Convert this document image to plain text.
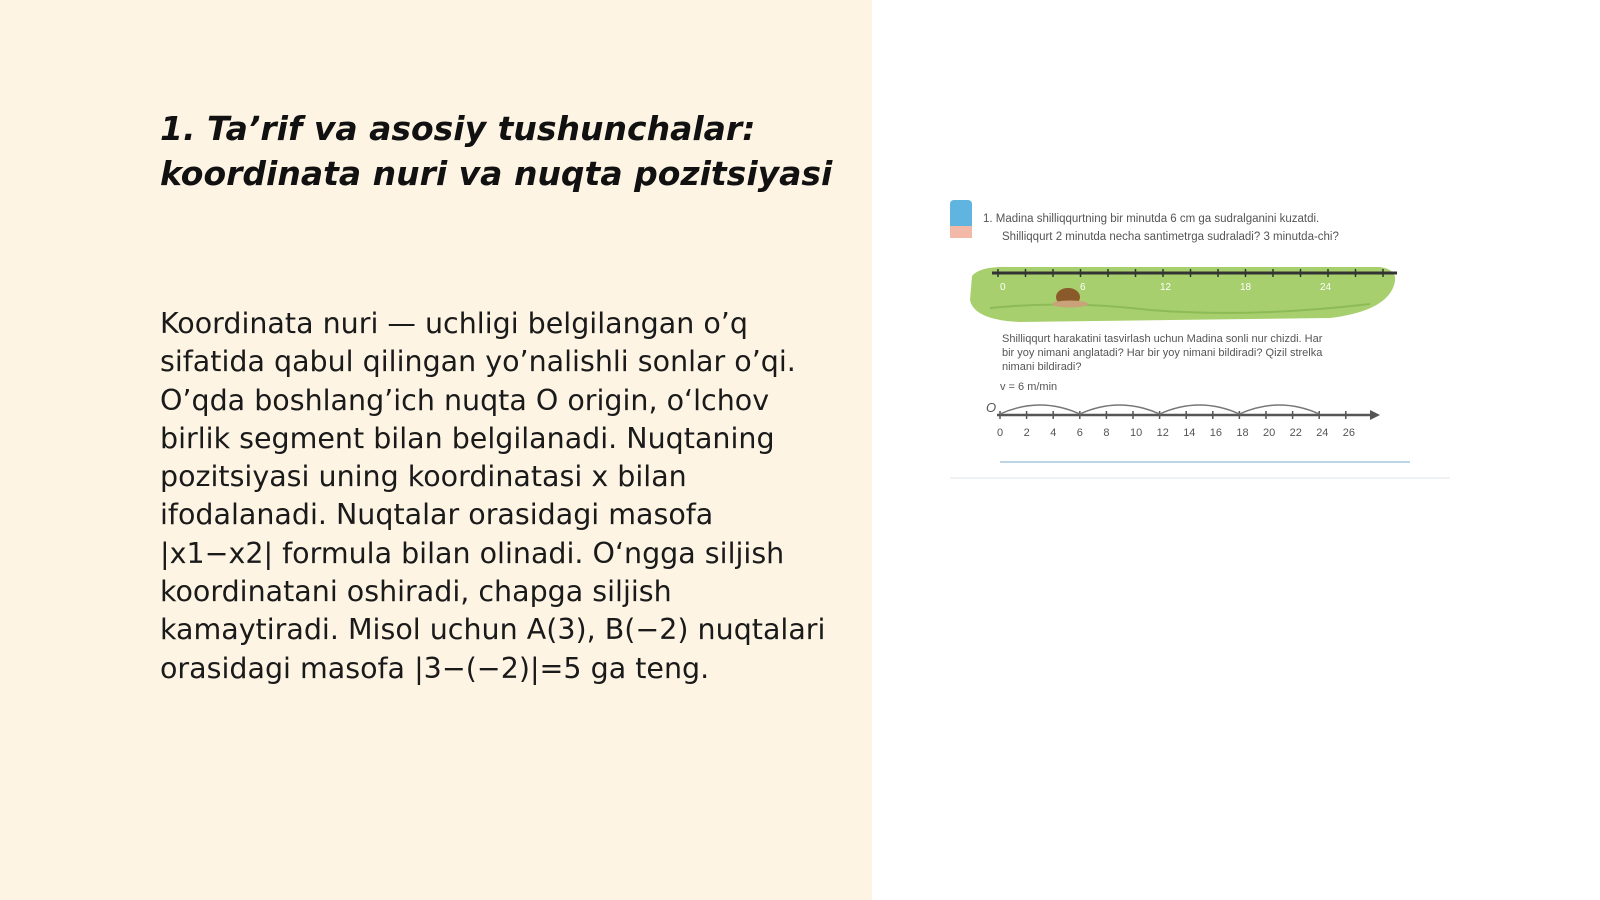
1. Ta’rif va asosiy tushunchalar: koordinata nuri va nuqta pozitsiyasi

Koordinata nuri — uchligi belgilangan o’q sifatida qabul qilingan yo’nalishli sonlar o’qi. O’qda boshlang’ich nuqta O origin, o‘lchov birlik segment bilan belgilanadi. Nuqtaning pozitsiyasi uning koordinatasi x bilan ifodalanadi. Nuqtalar orasidagi masofa |x1−x2| formula bilan olinadi. O‘ngga siljish koordinatani oshiradi, chapga siljish kamaytiradi. Misol uchun A(3), B(−2) nuqtalari orasidagi masofa |3−(−2)|=5 ga teng.

1. Madina shilliqqurtning bir minutda 6 cm ga sudralganini kuzatdi.
Shilliqqurt 2 minutda necha santimetrga sudraladi? 3 minutda-chi?
0	6	12	18	24
Shilliqqurt harakatini tasvirlash uchun Madina sonli nur chizdi. Har
bir yoy nimani anglatadi? Har bir yoy nimani bildiradi? Qizil strelka
nimani bildiradi?
v = 6 m/min
O
0 2 4 6 8 10 12 14 16 18 20 22 24 26
